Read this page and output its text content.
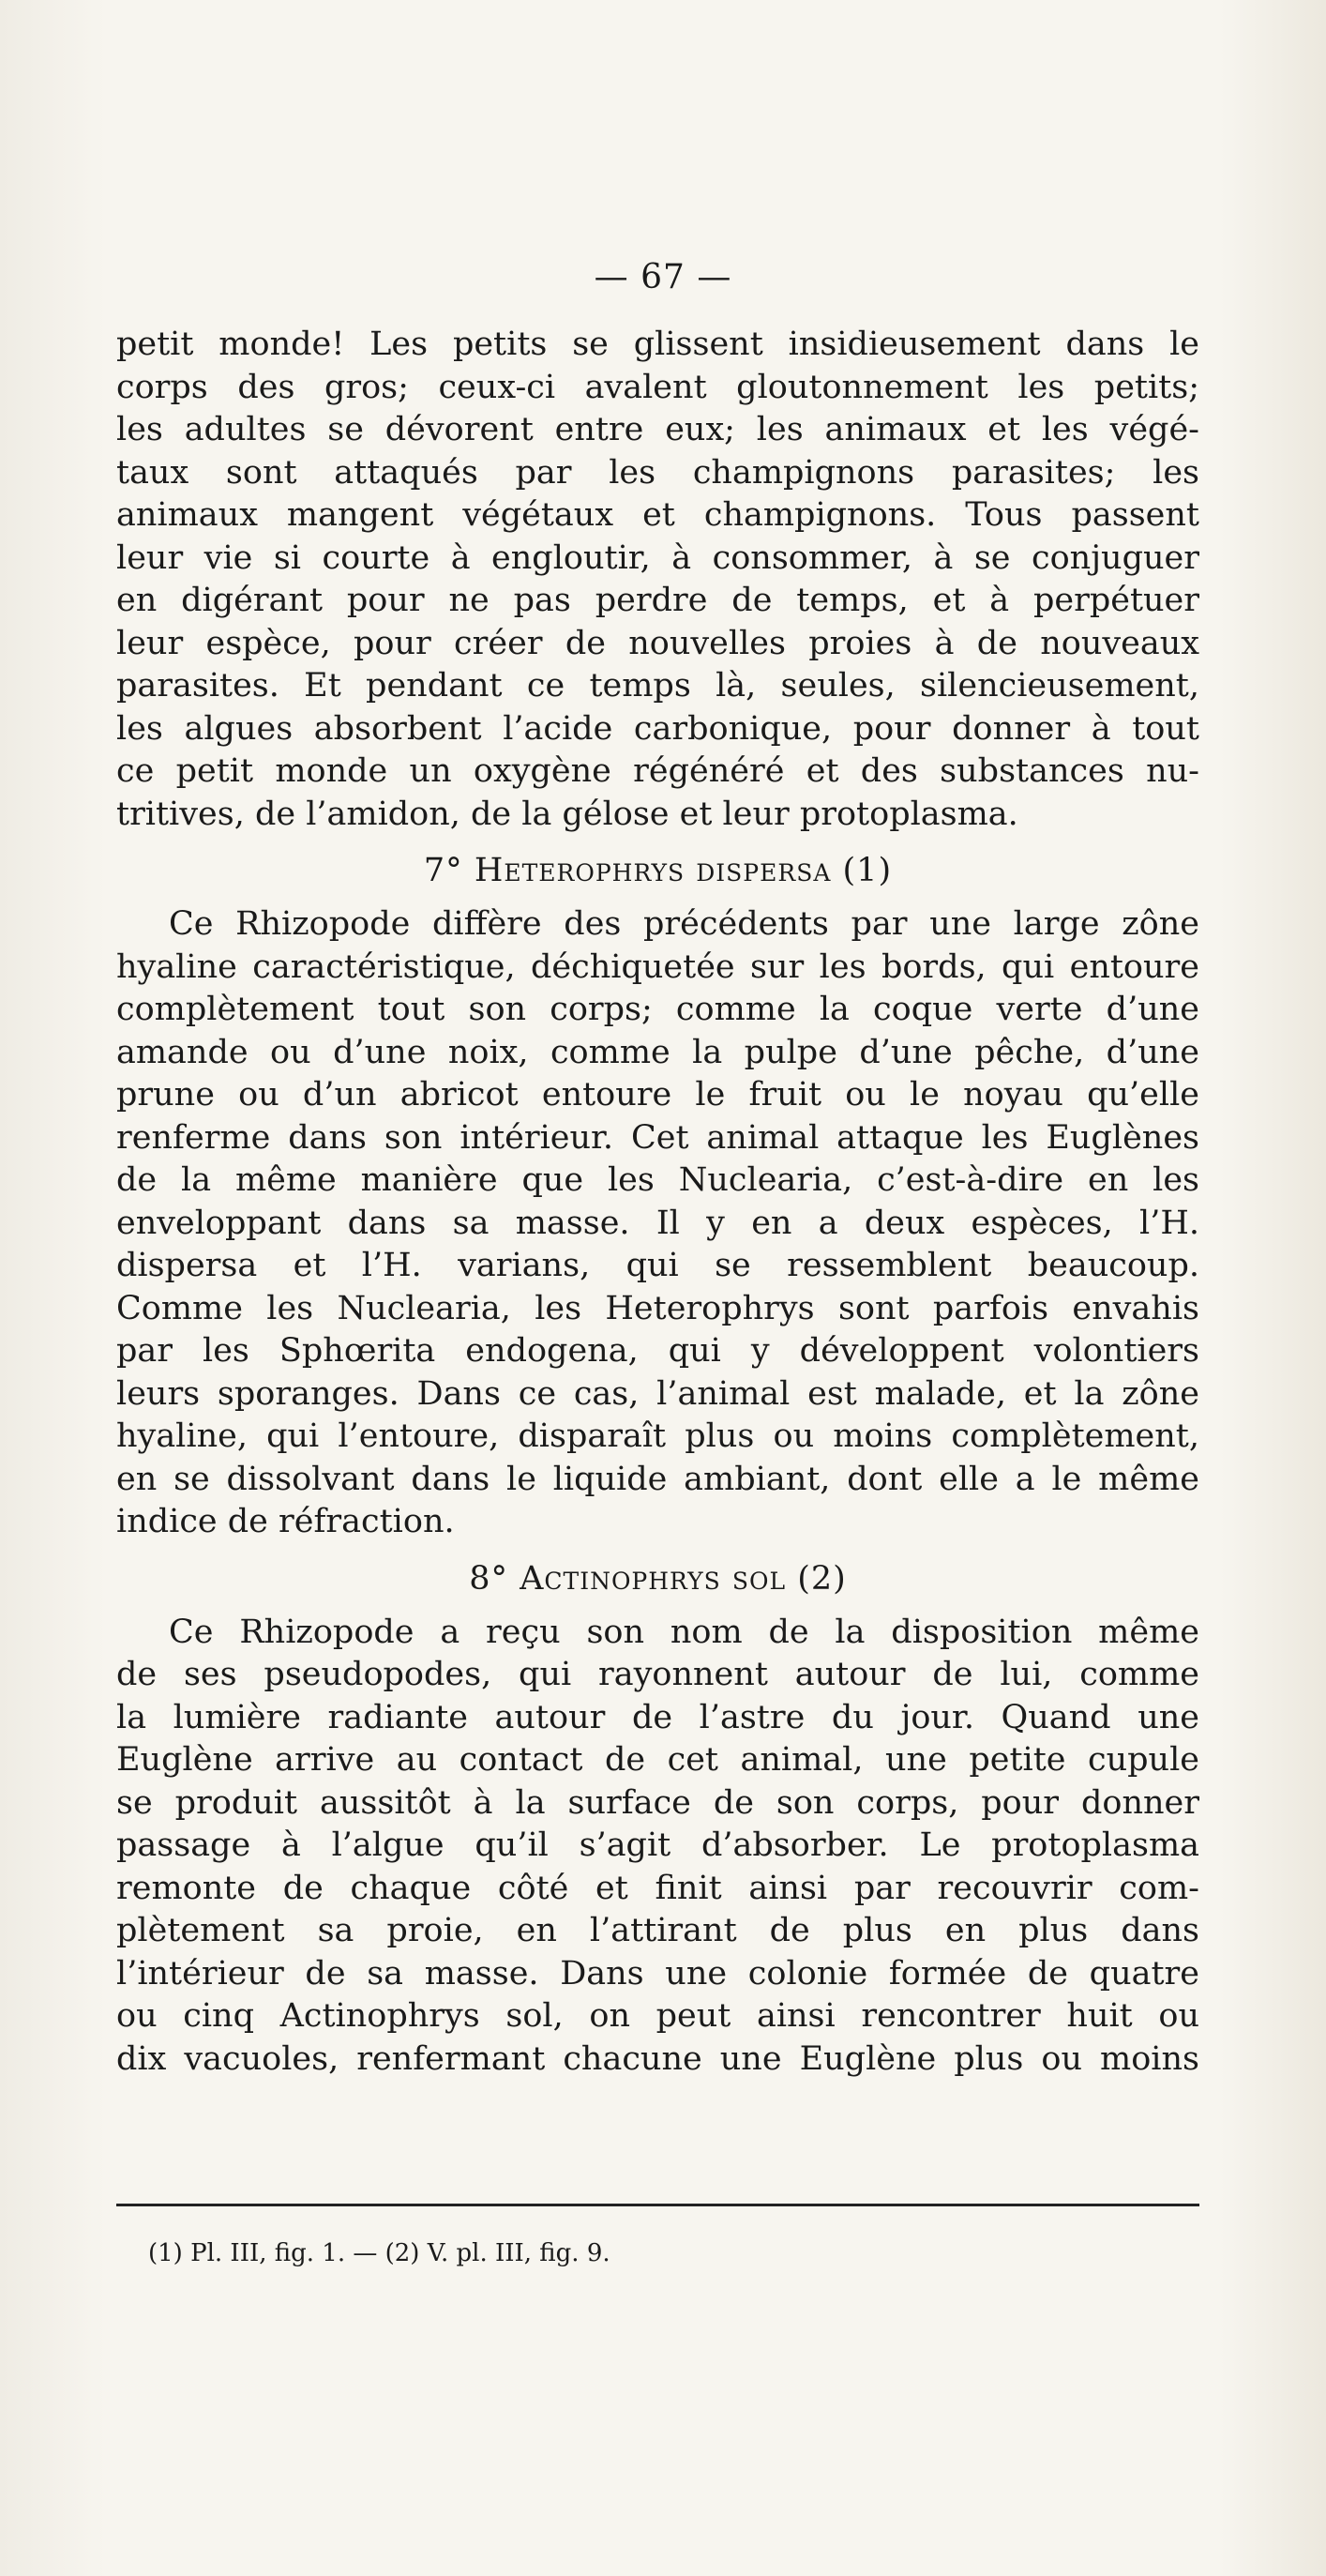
— 67 —
petit monde! Les petits se glissent insidieusement dans le
corps des gros; ceux-ci avalent gloutonnement les petits;
les adultes se dévorent entre eux; les animaux et les végé-
taux sont attaqués par les champignons parasites; les
animaux mangent végétaux et champignons. Tous passent
leur vie si courte à engloutir, à consommer, à se conjuguer
en digérant pour ne pas perdre de temps, et à perpétuer
leur espèce, pour créer de nouvelles proies à de nouveaux
parasites. Et pendant ce temps là, seules, silencieusement,
les algues absorbent l’acide carbonique, pour donner à tout
ce petit monde un oxygène régénéré et des substances nu-
tritives, de l’amidon, de la gélose et leur protoplasma.
7° Heterophrys dispersa (1)
Ce Rhizopode diffère des précédents par une large zône
hyaline caractéristique, déchiquetée sur les bords, qui entoure
complètement tout son corps; comme la coque verte d’une
amande ou d’une noix, comme la pulpe d’une pêche, d’une
prune ou d’un abricot entoure le fruit ou le noyau qu’elle
renferme dans son intérieur. Cet animal attaque les Euglènes
de la même manière que les Nuclearia, c’est-à-dire en les
enveloppant dans sa masse. Il y en a deux espèces, l’H.
dispersa et l’H. varians, qui se ressemblent beaucoup.
Comme les Nuclearia, les Heterophrys sont parfois envahis
par les Sphœrita endogena, qui y développent volontiers
leurs sporanges. Dans ce cas, l’animal est malade, et la zône
hyaline, qui l’entoure, disparaît plus ou moins complètement,
en se dissolvant dans le liquide ambiant, dont elle a le même
indice de réfraction.
8° Actinophrys sol (2)
Ce Rhizopode a reçu son nom de la disposition même
de ses pseudopodes, qui rayonnent autour de lui, comme
la lumière radiante autour de l’astre du jour. Quand une
Euglène arrive au contact de cet animal, une petite cupule
se produit aussitôt à la surface de son corps, pour donner
passage à l’algue qu’il s’agit d’absorber. Le protoplasma
remonte de chaque côté et finit ainsi par recouvrir com-
plètement sa proie, en l’attirant de plus en plus dans
l’intérieur de sa masse. Dans une colonie formée de quatre
ou cinq Actinophrys sol, on peut ainsi rencontrer huit ou
dix vacuoles, renfermant chacune une Euglène plus ou moins
(1) Pl. III, fig. 1. — (2) V. pl. III, fig. 9.
